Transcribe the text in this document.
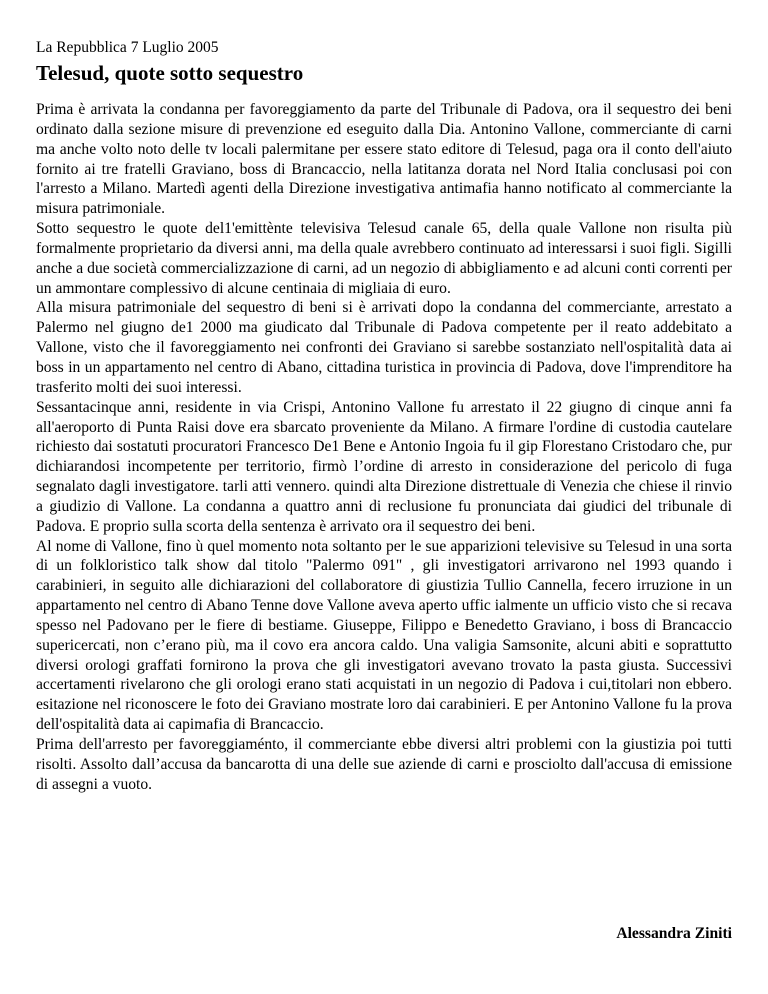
La Repubblica 7 Luglio 2005

Telesud, quote sotto sequestro

Prima è arrivata la condanna per favoreggiamento da parte del Tribunale di Padova, ora il sequestro dei beni ordinato dalla sezione misure di prevenzione ed eseguito dalla Dia. Antonino Vallone, commerciante di carni ma anche volto noto delle tv locali palermitane per essere stato editore di Telesud, paga ora il conto dell'aiuto fornito ai tre fratelli Graviano, boss di Brancaccio, nella latitanza dorata nel Nord Italia conclusasi poi con l'arresto a Milano. Martedì agenti della Direzione investigativa antimafia hanno notificato al commerciante la misura patrimoniale.

Sotto sequestro le quote del1'emittènte televisiva Telesud canale 65, della quale Vallone non risulta più formalmente proprietario da diversi anni, ma della quale avrebbero continuato ad interessarsi i suoi figli. Sigilli anche a due società commercializzazione di carni, ad un negozio di abbigliamento e ad alcuni conti correnti per un ammontare complessivo di alcune centinaia di migliaia di euro.

Alla misura patrimoniale del sequestro di beni si è arrivati dopo la condanna del commerciante, arrestato a Palermo nel giugno de1 2000 ma giudicato dal Tribunale di Padova competente per il reato addebitato a Vallone, visto che il favoreggiamento nei confronti dei Graviano si sarebbe sostanziato nell'ospitalità data ai boss in un appartamento nel centro di Abano, cittadina turistica in provincia di Padova, dove l'imprenditore ha trasferito molti dei suoi interessi.

Sessantacinque anni, residente in via Crispi, Antonino Vallone fu arrestato il 22 giugno di cinque anni fa all'aeroporto di Punta Raisi dove era sbarcato proveniente da Milano. A firmare l'ordine di custodia cautelare richiesto dai sostatuti procuratori Francesco De1 Bene e Antonio Ingoia fu il gip Florestano Cristodaro che, pur dichiarandosi incompetente per territorio, firmò l’ordine di arresto in considerazione del pericolo di fuga segnalato dagli investigatore. tarli atti vennero. quindi alta Direzione distrettuale di Venezia che chiese il rinvio a giudizio di Vallone. La condanna a quattro anni di reclusione fu pronunciata dai giudici del tribunale di Padova. E proprio sulla scorta della sentenza è arrivato ora il sequestro dei beni.

Al nome di Vallone, fino ù quel momento nota soltanto per le sue apparizioni televisive su Telesud in una sorta di un folkloristico talk show dal titolo "Palermo 091" , gli investigatori arrivarono nel 1993 quando i carabinieri, in seguito alle dichiarazioni del collaboratore di giustizia Tullio Cannella, fecero irruzione in un appartamento nel centro di Abano Tenne dove Vallone aveva aperto uffic ialmente un ufficio visto che si recava spesso nel Padovano per le fiere di bestiame. Giuseppe, Filippo e Benedetto Graviano, i boss di Brancaccio supericercati, non c’erano più, ma il covo era ancora caldo. Una valigia Samsonite, alcuni abiti e soprattutto diversi orologi graffati fornirono la prova che gli investigatori avevano trovato la pasta giusta. Successivi accertamenti rivelarono che gli orologi erano stati acquistati in un negozio di Padova i cui,titolari non ebbero. esitazione nel riconoscere le foto dei Graviano mostrate loro dai carabinieri. E per Antonino Vallone fu la prova dell'ospitalità data ai capimafia di Brancaccio.

Prima dell'arresto per favoreggiaménto, il commerciante ebbe diversi altri problemi con la giustizia poi tutti risolti. Assolto dall’accusa da bancarotta di una delle sue aziende di carni e prosciolto dall'accusa di emissione di assegni a vuoto.

Alessandra Ziniti
